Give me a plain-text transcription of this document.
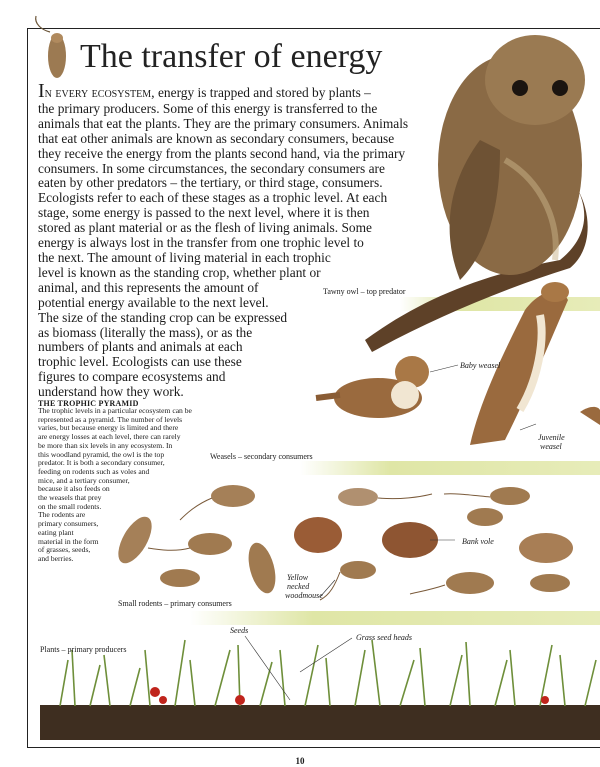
The transfer of energy

In every ecosystem, energy is trapped and stored by plants –
the primary producers. Some of this energy is transferred to the
animals that eat the plants. They are the primary consumers. Animals
that eat other animals are known as secondary consumers, because
they receive the energy from the plants second hand, via the primary
consumers. In some circumstances, the secondary consumers are
eaten by other predators – the tertiary, or third stage, consumers.
Ecologists refer to each of these stages as a trophic level. At each
stage, some energy is passed to the next level, where it is then
stored as plant material or as the flesh of living animals. Some
energy is always lost in the transfer from one trophic level to
the next. The amount of living material in each trophic
level is known as the standing crop, whether plant or
animal, and this represents the amount of
potential energy available to the next level.
The size of the standing crop can be expressed
as biomass (literally the mass), or as the
numbers of plants and animals at each
trophic level. Ecologists can use these
figures to compare ecosystems and
understand how they work.

THE TROPHIC PYRAMID

The trophic levels in a particular ecosystem can be
represented as a pyramid. The number of levels
varies, but because energy is limited and there
are energy losses at each level, there can rarely
be more than six levels in any ecosystem. In
this woodland pyramid, the owl is the top
predator. It is both a secondary consumer,
feeding on rodents such as voles and
mice, and a tertiary consumer,
because it also feeds on
the weasels that prey
on the small rodents.
The rodents are
primary consumers,
eating plant
material in the form
of grasses, seeds,
and berries.

Tawny owl – top predator
Baby weasel
Juvenile
weasel
Weasels – secondary consumers
Bank vole
Yellow
necked
woodmouse
Small rodents – primary consumers
Seeds
Grass seed heads
Plants – primary producers
10
